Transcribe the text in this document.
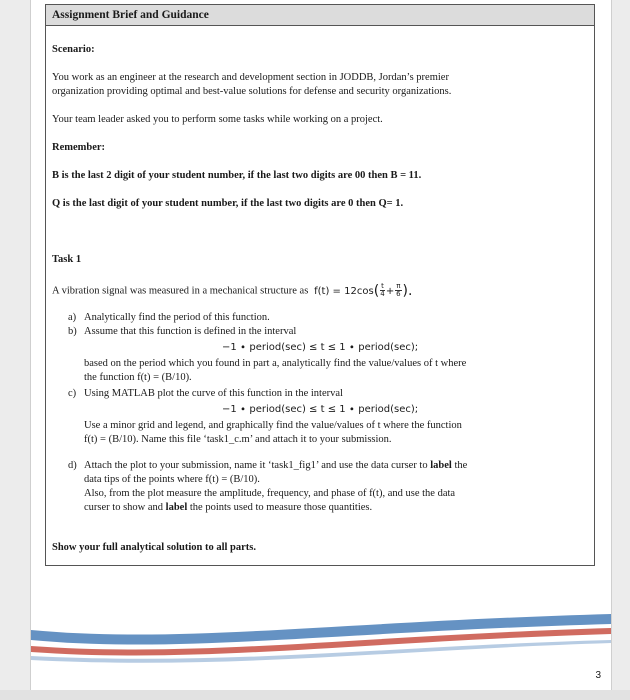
Assignment Brief and Guidance
Scenario:
You work as an engineer at the research and development section in JODDB, Jordan’s premier
organization providing optimal and best-value solutions for defense and security organizations.
Your team leader asked you to perform some tasks while working on a project.
Remember:
B is the last 2 digit of your student number, if the last two digits are 00 then B = 11.
Q is the last digit of your student number, if the last two digits are 0 then Q= 1.
Task 1
A vibration signal was measured in a mechanical structure as $f(t) = 12\cos( \frac{t}{4} + \frac{\pi}{6}$ ).
a) Analytically find the period of this function.
b) Assume that this function is defined in the interval
−1 ∙ period(sec) ≤ t ≤ 1 ∙ period(sec);
based on the period which you found in part a, analytically find the value/values of t where
the function f(t) = (B/10).
c) Using MATLAB plot the curve of this function in the interval
−1 ∙ period(sec) ≤ t ≤ 1 ∙ period(sec);
Use a minor grid and legend, and graphically find the value/values of t where the function
f(t) = (B/10). Name this file ‘task1_c.m’ and attach it to your submission.
d) Attach the plot to your submission, name it ‘task1_fig1’ and use the data curser to label the
data tips of the points where f(t) = (B/10).
Also, from the plot measure the amplitude, frequency, and phase of f(t), and use the data
curser to show and label the points used to measure those quantities.
Show your full analytical solution to all parts.
3
